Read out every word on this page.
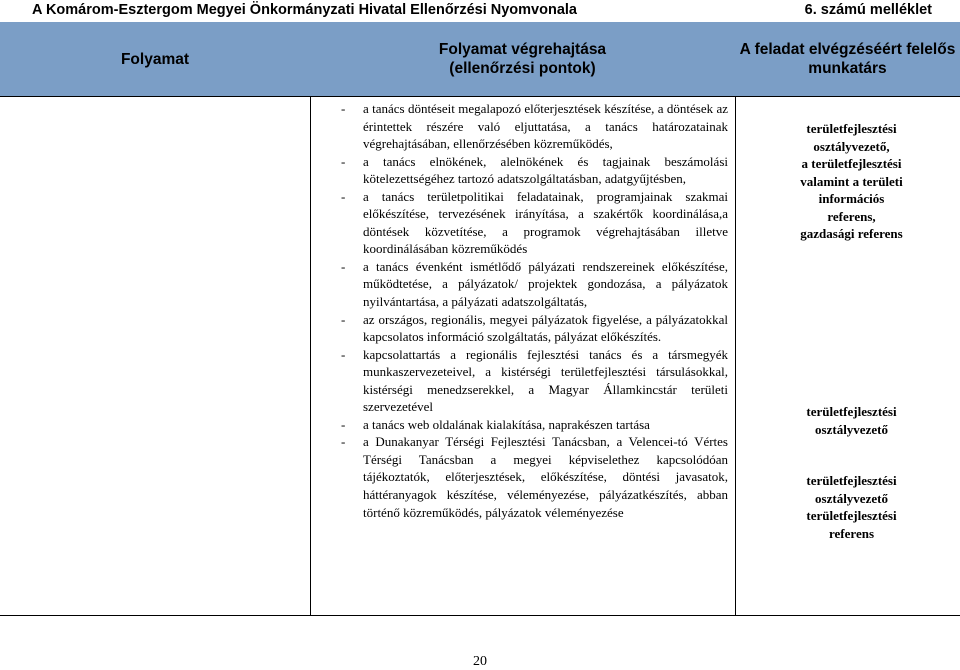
A Komárom-Esztergom Megyei Önkormányzati Hivatal Ellenőrzési Nyomvonala	6. számú melléklet
Folyamat
Folyamat végrehajtása
(ellenőrzési pontok)
A feladat elvégzéséért felelős
munkatárs
- a tanács döntéseit megalapozó előterjesztések készítése, a döntések az érintettek részére való eljuttatása, a tanács határozatainak végrehajtásában, ellenőrzésében közreműködés,
- a tanács elnökének, alelnökének és tagjainak beszámolási kötelezettségéhez tartozó adatszolgáltatásban, adatgyűjtésben,
- a tanács területpolitikai feladatainak, programjainak szakmai előkészítése, tervezésének irányítása, a szakértők koordinálása,a döntések közvetítése, a programok végrehajtásában illetve koordinálásában közreműködés
- a tanács évenként ismétlődő pályázati rendszereinek előkészítése, működtetése, a pályázatok/ projektek gondozása, a pályázatok nyilvántartása, a pályázati adatszolgáltatás,
- az országos, regionális, megyei pályázatok figyelése, a pályázatokkal kapcsolatos információ szolgáltatás, pályázat előkészítés.
- kapcsolattartás a regionális fejlesztési tanács és a társmegyék munkaszervezeteivel, a kistérségi területfejlesztési társulásokkal, kistérségi menedzserekkel, a Magyar Államkincstár területi szervezetével
- a tanács web oldalának kialakítása, naprakészen tartása
- a Dunakanyar Térségi Fejlesztési Tanácsban, a Velencei-tó Vértes Térségi Tanácsban a megyei képviselethez kapcsolódóan tájékoztatók, előterjesztések, előkészítése, döntési javasatok, háttéranyagok készítése, véleményezése, pályázatkészítés, abban történő közreműködés, pályázatok véleményezése
területfejlesztési
osztályvezető,
a területfejlesztési
valamint a területi
információs
referens,
gazdasági referens
területfejlesztési
osztályvezető
területfejlesztési
osztályvezető
területfejlesztési
referens
20
